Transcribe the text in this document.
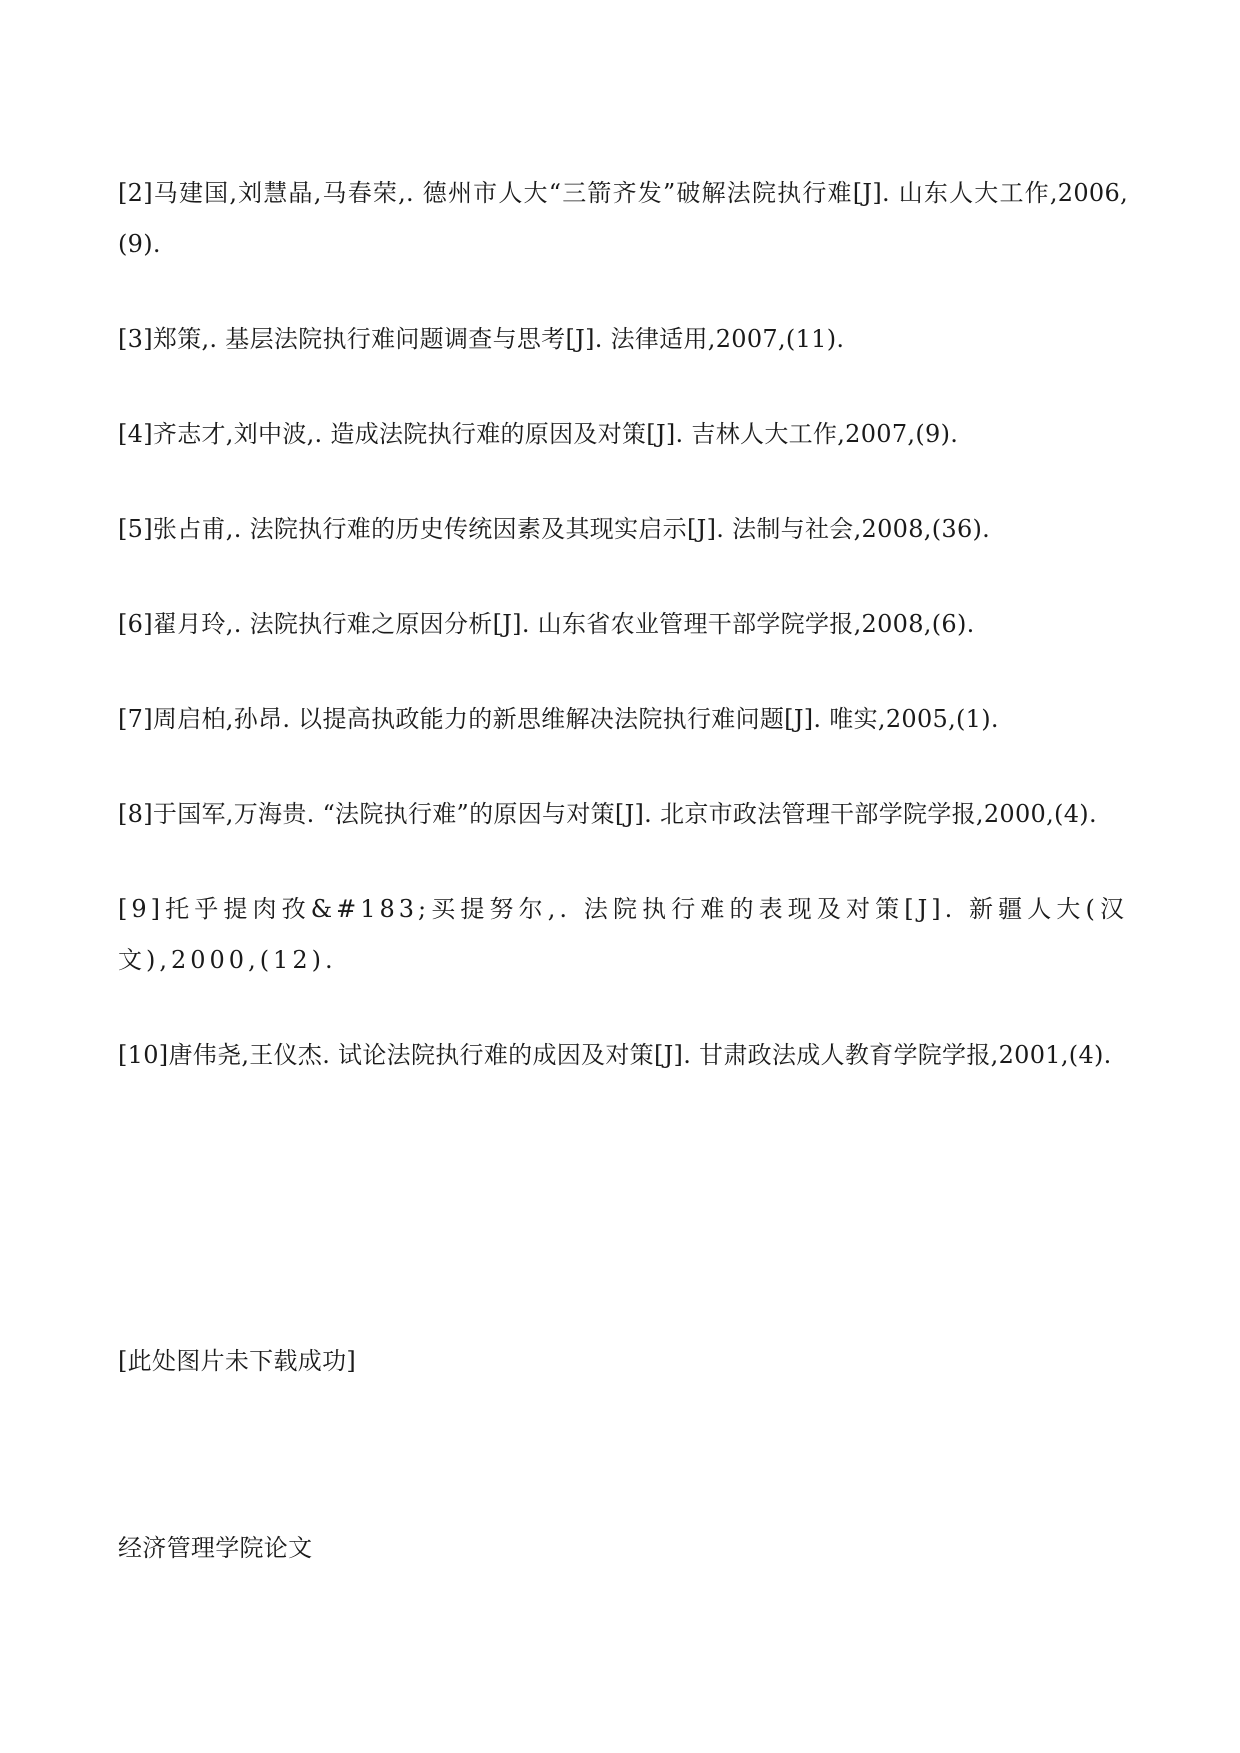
[2]马建国,刘慧晶,马春荣,. 德州市人大“三箭齐发”破解法院执行难[J]. 山东人大工作,2006,(9).

[3]郑策,. 基层法院执行难问题调查与思考[J]. 法律适用,2007,(11).

[4]齐志才,刘中波,. 造成法院执行难的原因及对策[J]. 吉林人大工作,2007,(9).

[5]张占甫,. 法院执行难的历史传统因素及其现实启示[J]. 法制与社会,2008,(36).

[6]翟月玲,. 法院执行难之原因分析[J]. 山东省农业管理干部学院学报,2008,(6).

[7]周启柏,孙昂. 以提高执政能力的新思维解决法院执行难问题[J]. 唯实,2005,(1).

[8]于国军,万海贵. “法院执行难”的原因与对策[J]. 北京市政法管理干部学院学报,2000,(4).

[9]托乎提肉孜&#183;买提努尔,. 法院执行难的表现及对策[J]. 新疆人大(汉文),2000,(12).

[10]唐伟尧,王仪杰. 试论法院执行难的成因及对策[J]. 甘肃政法成人教育学院学报,2001,(4).

[此处图片未下载成功]
经济管理学院论文
